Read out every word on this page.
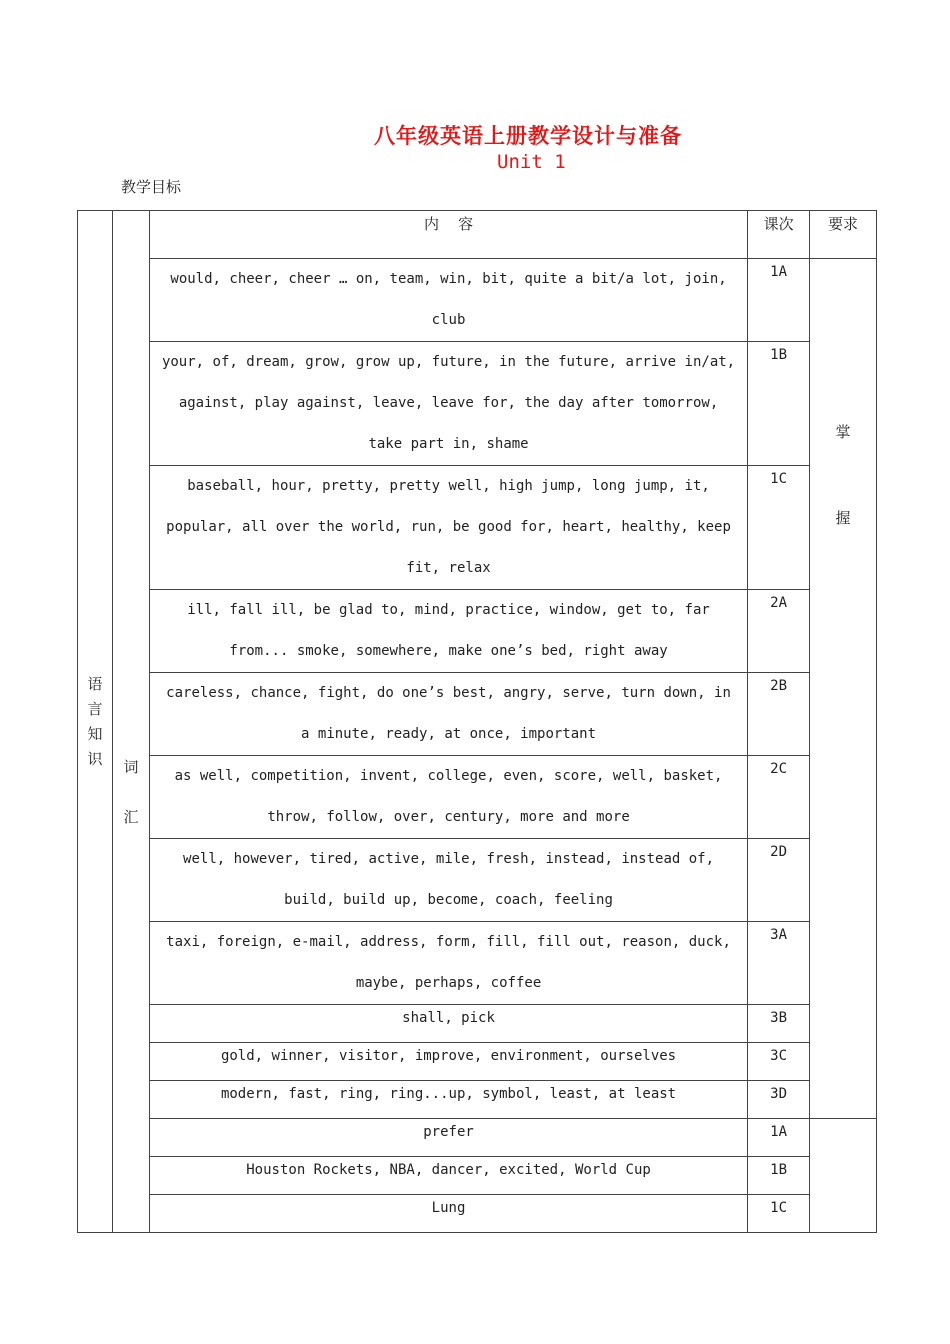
八年级英语上册教学设计与准备
Unit 1
教学目标
语言知识	词汇	内    容	课次	要求
		would, cheer, cheer … on, team, win, bit, quite a bit/a lot, join, club	1A	掌握
		your, of, dream, grow, grow up, future, in the future, arrive in/at, against, play against, leave, leave for, the day after tomorrow, take part in, shame	1B	
		baseball, hour, pretty, pretty well, high jump, long jump, it, popular, all over the world, run, be good for, heart, healthy, keep fit, relax	1C	
		ill, fall ill, be glad to, mind, practice, window, get to, far from... smoke, somewhere, make one’s bed, right away	2A	
		careless, chance, fight, do one’s best, angry, serve, turn down, in a minute, ready, at once, important	2B	
		as well, competition, invent, college, even, score, well, basket, throw, follow, over, century, more and more	2C	
		well, however, tired, active, mile, fresh, instead, instead of, build, build up, become, coach, feeling	2D	
		taxi, foreign, e-mail, address, form, fill, fill out, reason, duck, maybe, perhaps, coffee	3A	
		shall, pick	3B	
		gold, winner, visitor, improve, environment, ourselves	3C	
		modern, fast, ring, ring...up, symbol, least, at least	3D	
		prefer	1A	
		Houston Rockets, NBA, dancer, excited, World Cup	1B	
		Lung	1C	
